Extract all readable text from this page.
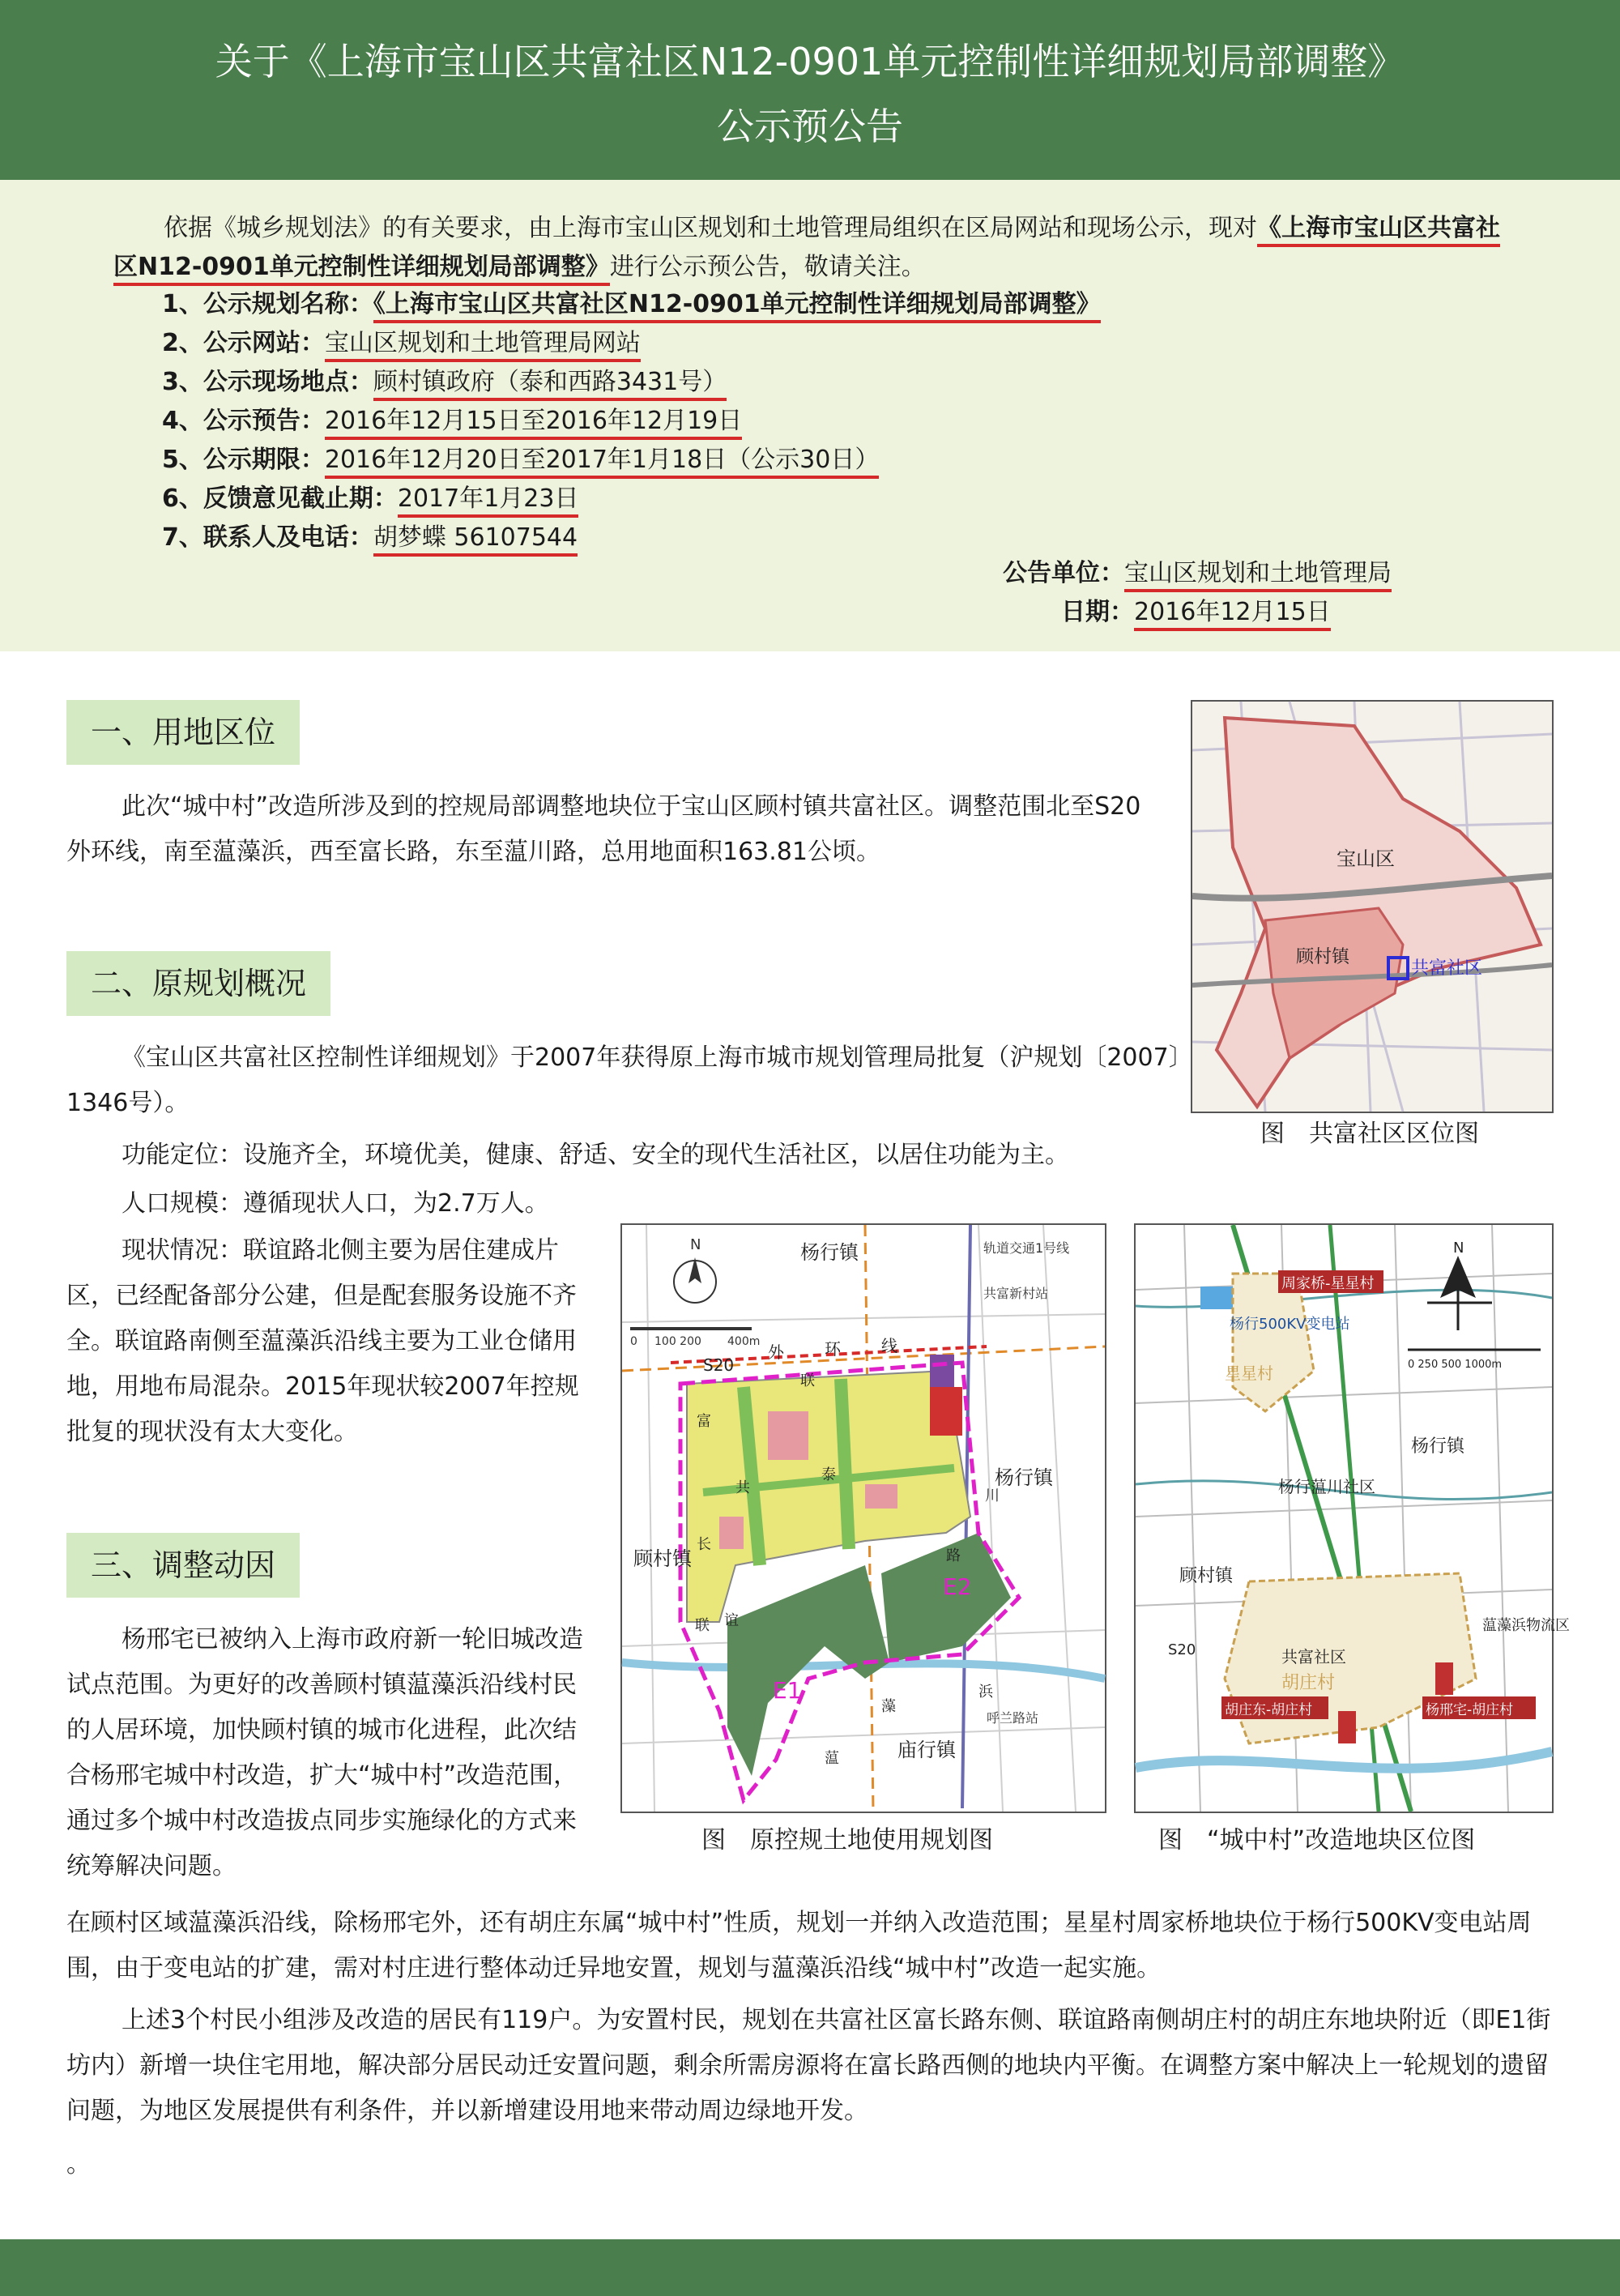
关于《上海市宝山区共富社区N12-0901单元控制性详细规划局部调整》
公示预公告
依据《城乡规划法》的有关要求，由上海市宝山区规划和土地管理局组织在区局网站和现场公示，现对《上海市宝山区共富社区N12-0901单元控制性详细规划局部调整》进行公示预公告，敬请关注。
1、公示规划名称：《上海市宝山区共富社区N12-0901单元控制性详细规划局部调整》
2、公示网站：宝山区规划和土地管理局网站
3、公示现场地点：顾村镇政府（泰和西路3431号）
4、公示预告：2016年12月15日至2016年12月19日
5、公示期限：2016年12月20日至2017年1月18日（公示30日）
6、反馈意见截止期：2017年1月23日
7、联系人及电话：胡梦蝶 56107544
公告单位：宝山区规划和土地管理局
日期：2016年12月15日
一、用地区位
此次“城中村”改造所涉及到的控规局部调整地块位于宝山区顾村镇共富社区。调整范围北至S20外环线，南至蕰藻浜，西至富长路，东至蕰川路，总用地面积163.81公顷。
二、原规划概况
《宝山区共富社区控制性详细规划》于2007年获得原上海市城市规划管理局批复（沪规划〔2007〕1346号）。
功能定位：设施齐全，环境优美，健康、舒适、安全的现代生活社区，以居住功能为主。
人口规模：遵循现状人口，为2.7万人。
现状情况：联谊路北侧主要为居住建成片区，已经配备部分公建，但是配套服务设施不齐全。联谊路南侧至蕰藻浜沿线主要为工业仓储用地，用地布局混杂。2015年现状较2007年控规批复的现状没有太大变化。
三、调整动因
杨邢宅已被纳入上海市政府新一轮旧城改造试点范围。为更好的改善顾村镇蕰藻浜沿线村民的人居环境，加快顾村镇的城市化进程，此次结合杨邢宅城中村改造，扩大“城中村”改造范围，通过多个城中村改造拔点同步实施绿化的方式来统筹解决问题。
在顾村区域蕰藻浜沿线，除杨邢宅外，还有胡庄东属“城中村”性质，规划一并纳入改造范围；星星村周家桥地块位于杨行500KV变电站周围，由于变电站的扩建，需对村庄进行整体动迁异地安置，规划与蕰藻浜沿线“城中村”改造一起实施。
上述3个村民小组涉及改造的居民有119户。为安置村民，规划在共富社区富长路东侧、联谊路南侧胡庄村的胡庄东地块附近（即E1街坊内）新增一块住宅用地，解决部分居民动迁安置问题，剩余所需房源将在富长路西侧的地块内平衡。在调整方案中解决上一轮规划的遗留问题，为地区发展提供有利条件，并以新增建设用地来带动周边绿地开发。
。
宝山区
顾村镇
共富社区
图　共富社区区位图
N
0 100 200 400m
杨行镇	轨道交通1号线
共富新村站
S20
外	环	线
杨行镇
顾村镇
庙行镇
呼兰路站
E1
E2
联
联 谊
路
富
长
共
泰
蕰
藻
浜
川
图　原控规土地使用规划图
N
0 250 500 1000m
周家桥-星星村
杨行500KV变电站
星星村
杨行镇
杨行蕰川社区
顾村镇
共富社区
胡庄村
S20
蕰藻浜物流区
胡庄东-胡庄村	杨邢宅-胡庄村
图　“城中村”改造地块区位图
